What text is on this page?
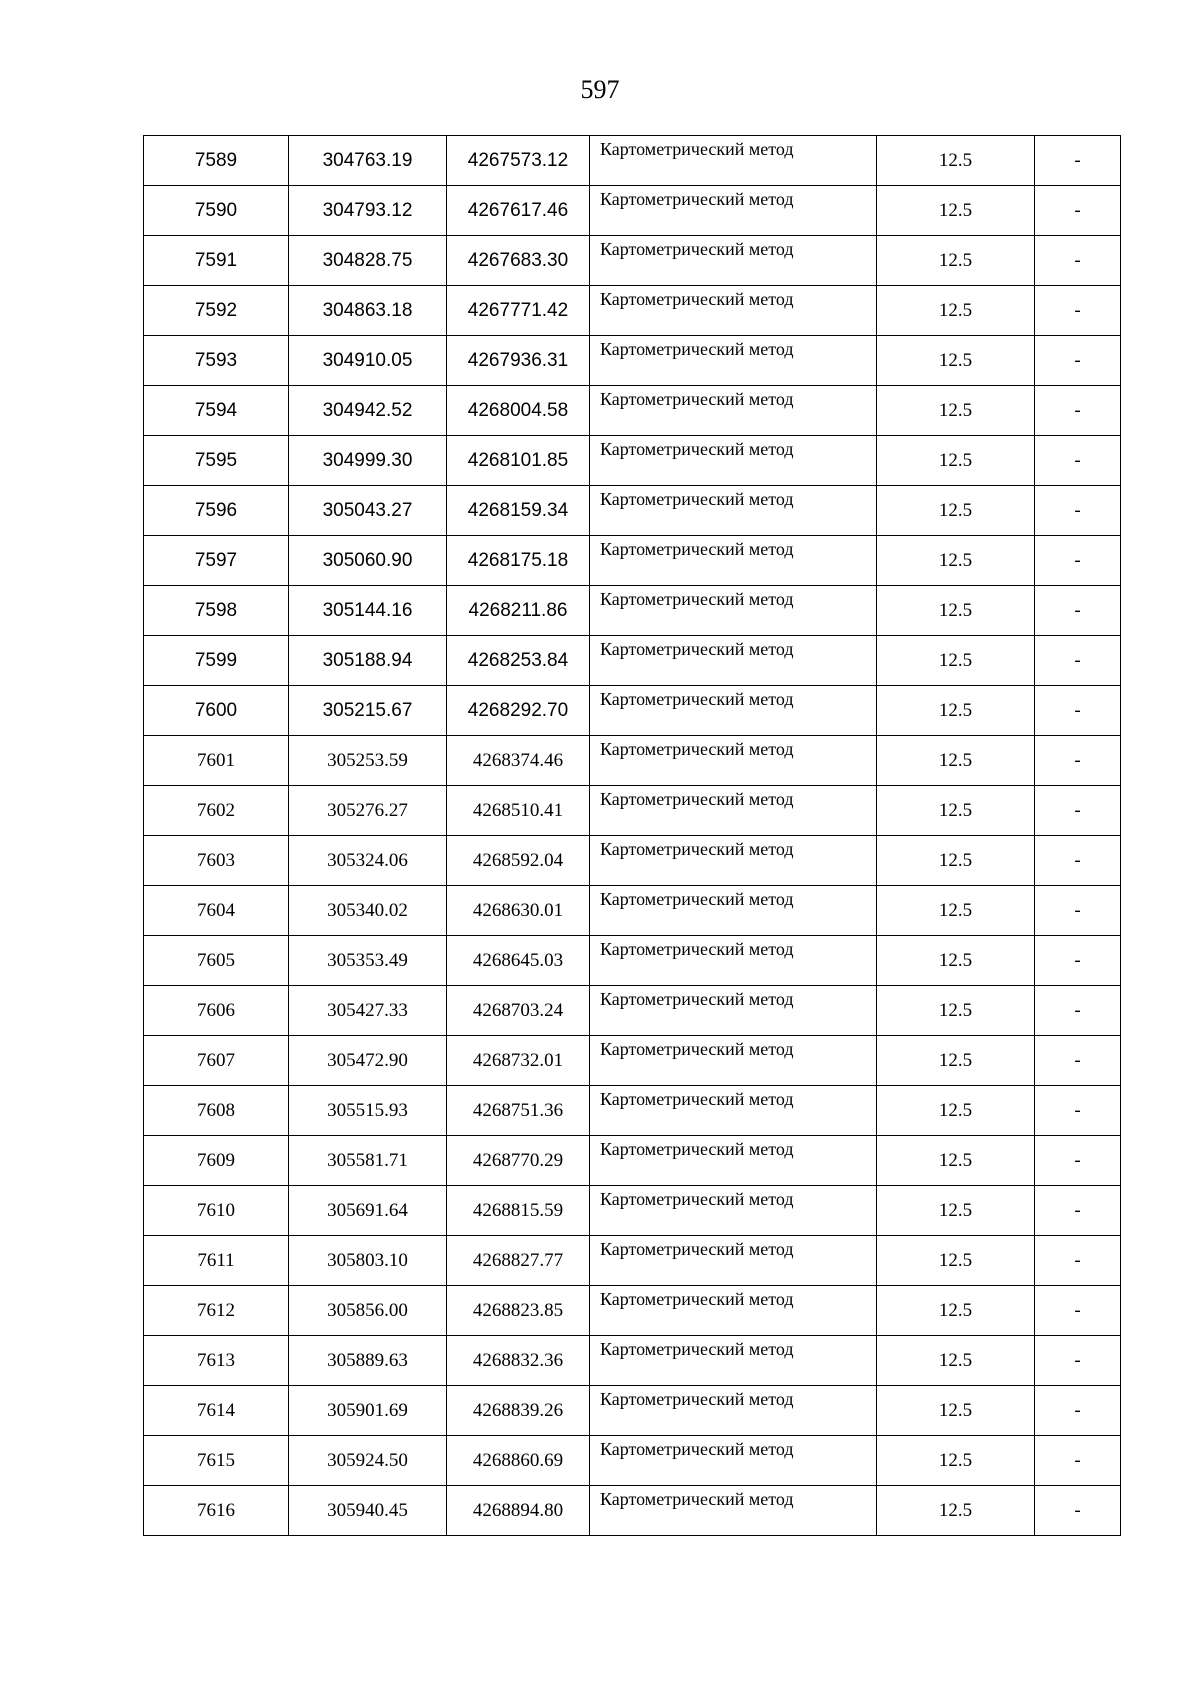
597
7589	304763.19	4267573.12	Картометрический метод	12.5	-
7590	304793.12	4267617.46	Картометрический метод	12.5	-
7591	304828.75	4267683.30	Картометрический метод	12.5	-
7592	304863.18	4267771.42	Картометрический метод	12.5	-
7593	304910.05	4267936.31	Картометрический метод	12.5	-
7594	304942.52	4268004.58	Картометрический метод	12.5	-
7595	304999.30	4268101.85	Картометрический метод	12.5	-
7596	305043.27	4268159.34	Картометрический метод	12.5	-
7597	305060.90	4268175.18	Картометрический метод	12.5	-
7598	305144.16	4268211.86	Картометрический метод	12.5	-
7599	305188.94	4268253.84	Картометрический метод	12.5	-
7600	305215.67	4268292.70	Картометрический метод	12.5	-
7601	305253.59	4268374.46	Картометрический метод	12.5	-
7602	305276.27	4268510.41	Картометрический метод	12.5	-
7603	305324.06	4268592.04	Картометрический метод	12.5	-
7604	305340.02	4268630.01	Картометрический метод	12.5	-
7605	305353.49	4268645.03	Картометрический метод	12.5	-
7606	305427.33	4268703.24	Картометрический метод	12.5	-
7607	305472.90	4268732.01	Картометрический метод	12.5	-
7608	305515.93	4268751.36	Картометрический метод	12.5	-
7609	305581.71	4268770.29	Картометрический метод	12.5	-
7610	305691.64	4268815.59	Картометрический метод	12.5	-
7611	305803.10	4268827.77	Картометрический метод	12.5	-
7612	305856.00	4268823.85	Картометрический метод	12.5	-
7613	305889.63	4268832.36	Картометрический метод	12.5	-
7614	305901.69	4268839.26	Картометрический метод	12.5	-
7615	305924.50	4268860.69	Картометрический метод	12.5	-
7616	305940.45	4268894.80	Картометрический метод	12.5	-
